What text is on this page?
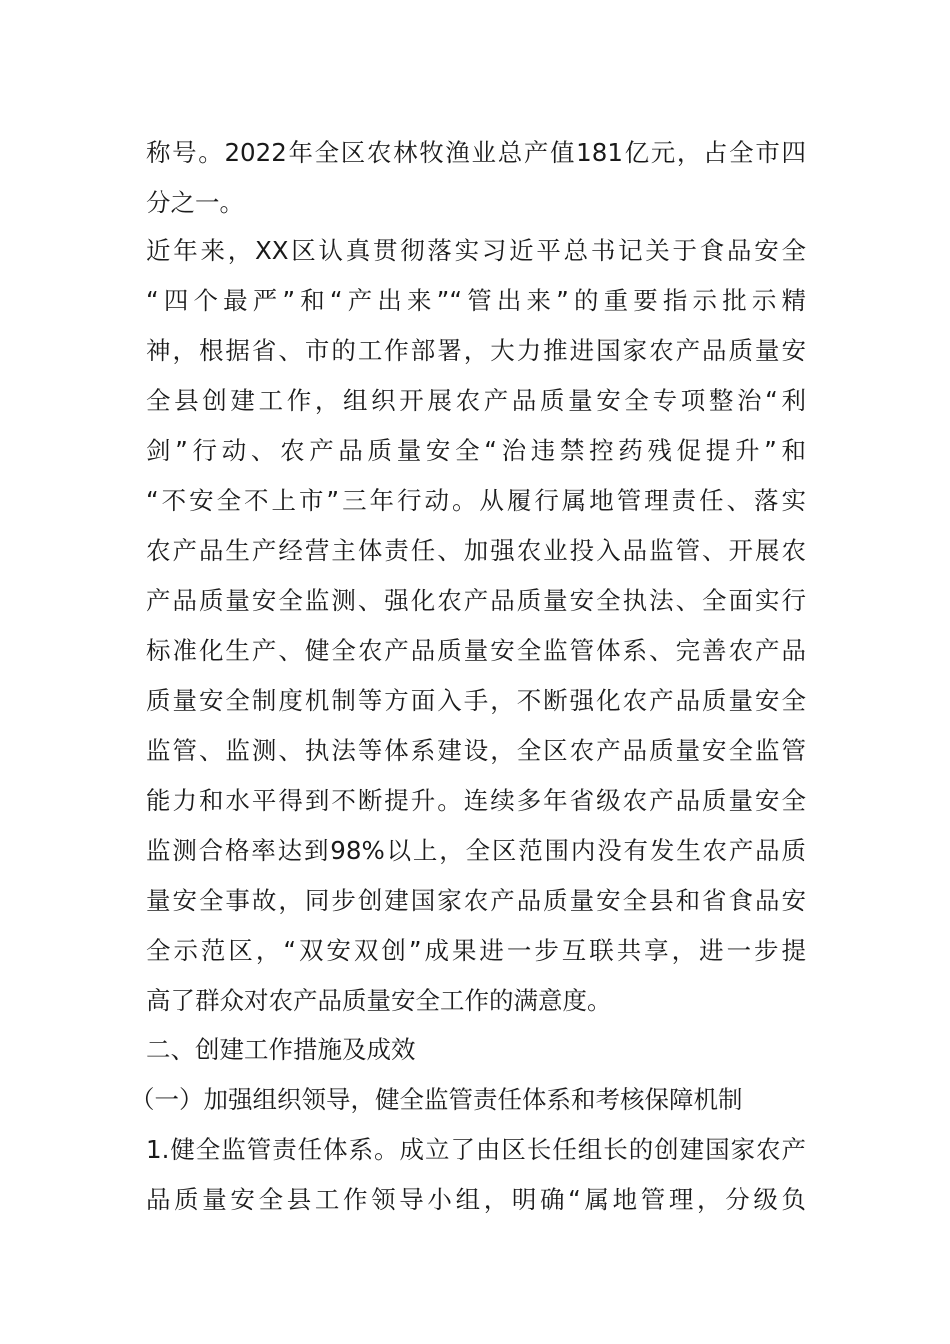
称号。2022年全区农林牧渔业总产值181亿元，占全市四
分之一。
近年来，XX区认真贯彻落实习近平总书记关于食品安全
“四个最严”和“产出来”“管出来”的重要指示批示精
神，根据省、市的工作部署，大力推进国家农产品质量安
全县创建工作，组织开展农产品质量安全专项整治“利
剑”行动、农产品质量安全“治违禁控药残促提升”和
“不安全不上市”三年行动。从履行属地管理责任、落实
农产品生产经营主体责任、加强农业投入品监管、开展农
产品质量安全监测、强化农产品质量安全执法、全面实行
标准化生产、健全农产品质量安全监管体系、完善农产品
质量安全制度机制等方面入手，不断强化农产品质量安全
监管、监测、执法等体系建设，全区农产品质量安全监管
能力和水平得到不断提升。连续多年省级农产品质量安全
监测合格率达到98%以上，全区范围内没有发生农产品质
量安全事故，同步创建国家农产品质量安全县和省食品安
全示范区，“双安双创”成果进一步互联共享，进一步提
高了群众对农产品质量安全工作的满意度。
二、创建工作措施及成效
（一）加强组织领导，健全监管责任体系和考核保障机制
1.健全监管责任体系。成立了由区长任组长的创建国家农产
品质量安全县工作领导小组，明确“属地管理，分级负
